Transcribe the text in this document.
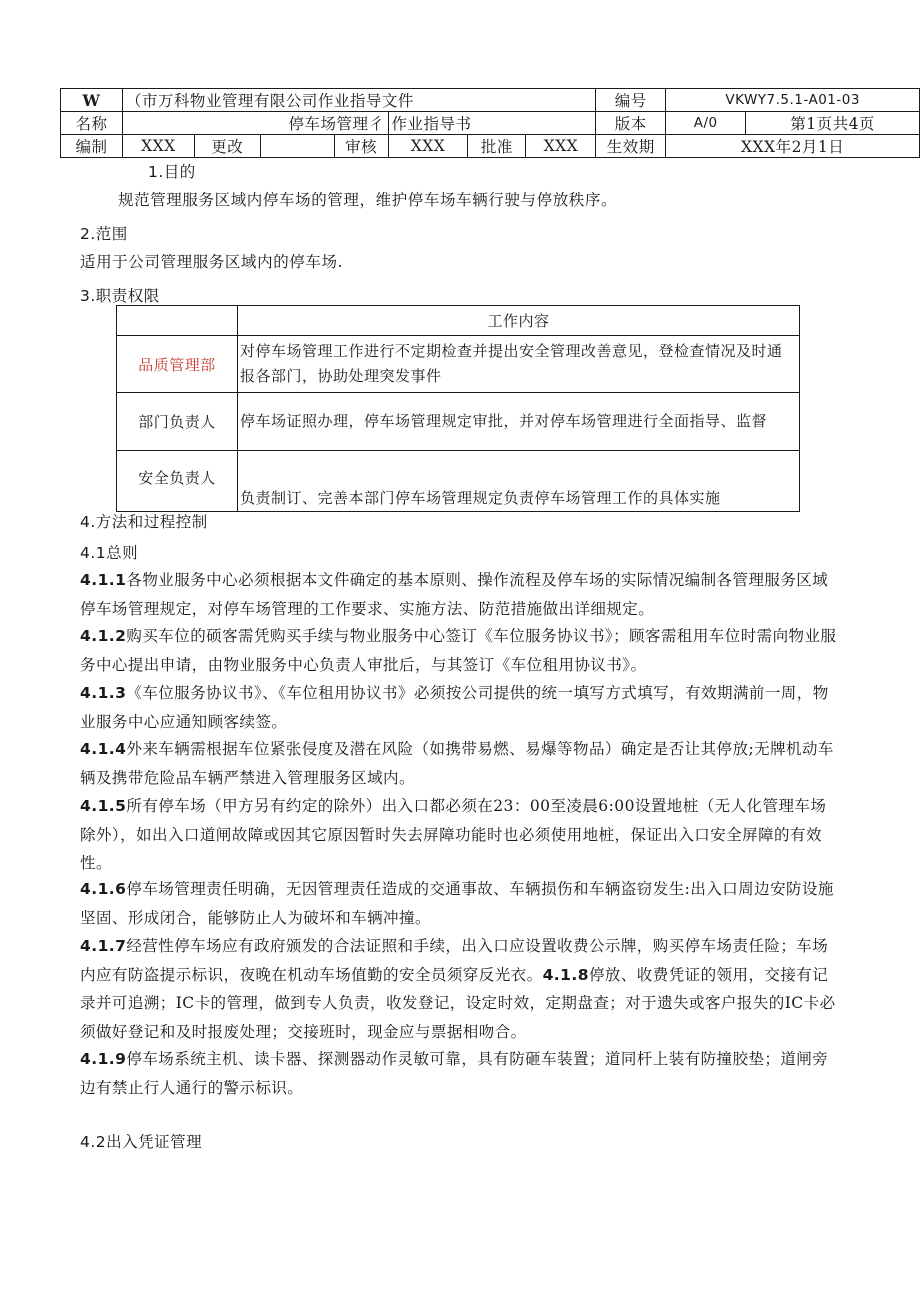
W	（市万科物业管理有限公司作业指导文件							编号	VKWY7.5.1-A01-03	
名称	停车场管理彳				作业指导书			版本	A/0	第1页共4页
编制	XXX	更改		审核	XXX	批准	XXX	生效期	XXX年2月1日	
1.目的
规范管理服务区域内停车场的管理，维护停车场车辆行驶与停放秩序。
2.范围
适用于公司管理服务区域内的停车场.
3.职责权限
	工作内容
品质管理部	对停车场管理工作进行不定期检查并提出安全管理改善意见，登检查情况及时通报各部门，协助处理突发事件
部门负责人	停车场证照办理，停车场管理规定审批，并对停车场管理进行全面指导、监督
安全负责人	负责制订、完善本部门停车场管理规定负责停车场管理工作的具体实施
4.方法和过程控制
4.1总则
4.1.1各物业服务中心必须根据本文件确定的基本原则、操作流程及停车场的实际情况编制各管理服务区域停车场管理规定，对停车场管理的工作要求、实施方法、防范措施做出详细规定。
4.1.2购买车位的硕客需凭购买手续与物业服务中心签订《车位服务协议书》；顾客需租用车位时需向物业服务中心提出申请，由物业服务中心负责人审批后，与其签订《车位租用协议书》。
4.1.3《车位服务协议书》、《车位租用协议书》必须按公司提供的统一填写方式填写，有效期满前一周，物业服务中心应通知顾客续签。
4.1.4外来车辆需根据车位紧张侵度及潜在风险（如携带易燃、易爆等物品）确定是否让其停放;无牌机动车辆及携带危险品车辆严禁进入管理服务区域内。
4.1.5所有停车场（甲方另有约定的除外）出入口都必须在23：00至凌晨6:00设置地桩（无人化管理车场除外），如出入口道闸故障或因其它原因暂时失去屏障功能时也必须使用地桩，保证出入口安全屏障的有效性。
4.1.6停车场管理责任明确，无因管理责任造成的交通事故、车辆损伤和车辆盗窃发生:出入口周边安防设施坚固、形成闭合，能够防止人为破坏和车辆冲撞。
4.1.7经营性停车场应有政府颁发的合法证照和手续，出入口应设置收费公示牌，购买停车场责任险；车场内应有防盗提示标识，夜晚在机动车场值勤的安全员须穿反光衣。4.1.8停放、收费凭证的领用，交接有记录并可追溯；IC卡的管理，做到专人负责，收发登记，设定时效，定期盘查；对于遗失或客户报失的IC卡必须做好登记和及时报废处理；交接班时，现金应与票据相吻合。
4.1.9停车场系统主机、读卡器、探测器动作灵敏可靠，具有防砸车装置；道同杆上装有防撞胶垫；道闸旁边有禁止行人通行的警示标识。
4.2出入凭证管理
